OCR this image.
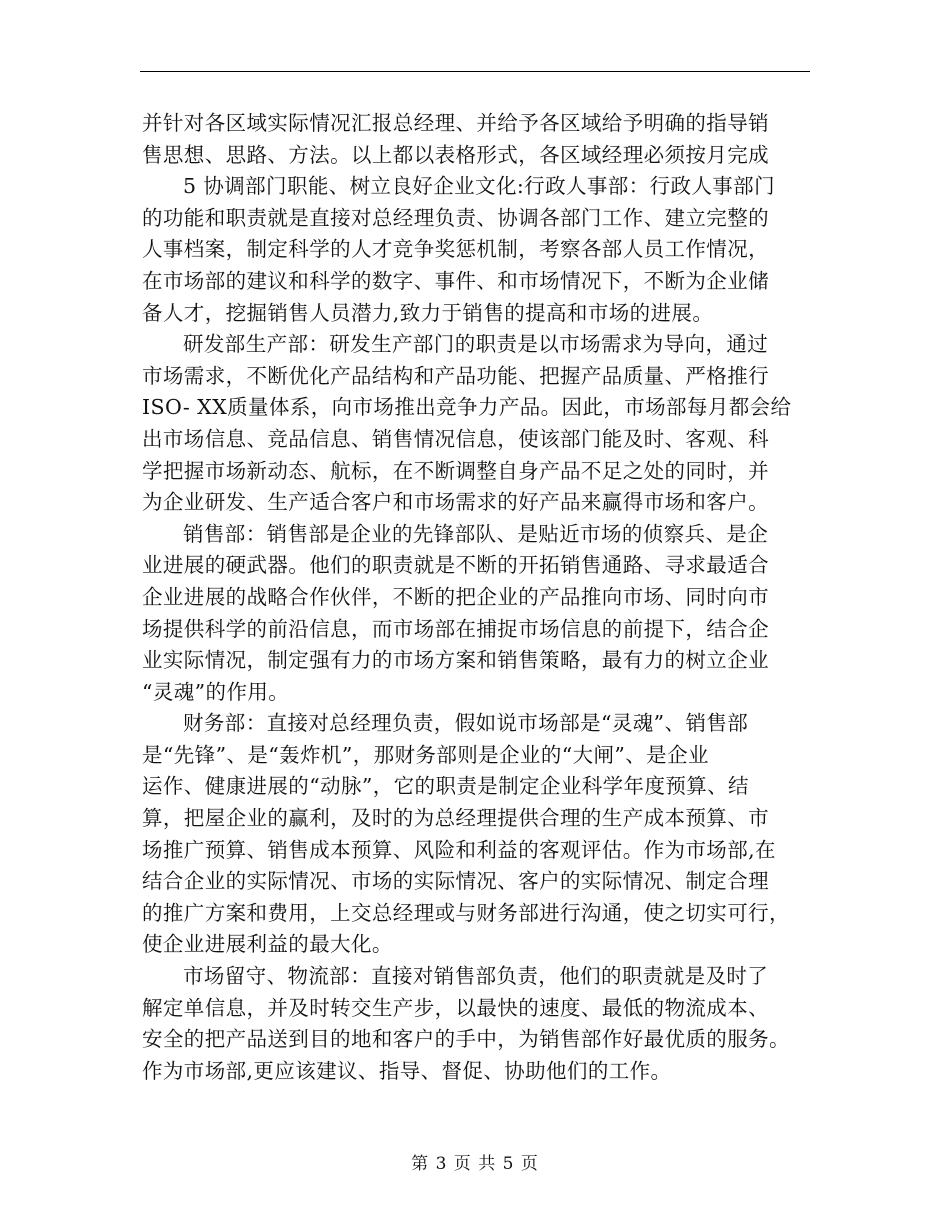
并针对各区域实际情况汇报总经理、并给予各区域给予明确的指导销
售思想、思路、方法。以上都以表格形式，各区域经理必须按月完成

5 协调部门职能、树立良好企业文化:行政人事部：行政人事部门
的功能和职责就是直接对总经理负责、协调各部门工作、建立完整的
人事档案，制定科学的人才竞争奖惩机制，考察各部人员工作情况，
在市场部的建议和科学的数字、事件、和市场情况下，不断为企业储
备人才，挖掘销售人员潜力,致力于销售的提高和市场的进展。

研发部生产部：研发生产部门的职责是以市场需求为导向，通过
市场需求，不断优化产品结构和产品功能、把握产品质量、严格推行
ISO- XX质量体系，向市场推出竞争力产品。因此，市场部每月都会给
出市场信息、竞品信息、销售情况信息，使该部门能及时、客观、科
学把握市场新动态、航标，在不断调整自身产品不足之处的同时，并
为企业研发、生产适合客户和市场需求的好产品来赢得市场和客户。

销售部：销售部是企业的先锋部队、是贴近市场的侦察兵、是企
业进展的硬武器。他们的职责就是不断的开拓销售通路、寻求最适合
企业进展的战略合作伙伴，不断的把企业的产品推向市场、同时向市
场提供科学的前沿信息，而市场部在捕捉市场信息的前提下，结合企
业实际情况，制定强有力的市场方案和销售策略，最有力的树立企业
“灵魂”的作用。

财务部：直接对总经理负责，假如说市场部是“灵魂”、销售部
是“先锋”、是“轰炸机”，那财务部则是企业的“大闸”、是企业
运作、健康进展的“动脉”，它的职责是制定企业科学年度预算、结
算，把屋企业的赢利，及时的为总经理提供合理的生产成本预算、市
场推广预算、销售成本预算、风险和利益的客观评估。作为市场部,在
结合企业的实际情况、市场的实际情况、客户的实际情况、制定合理
的推广方案和费用，上交总经理或与财务部进行沟通，使之切实可行，
使企业进展利益的最大化。

市场留守、物流部：直接对销售部负责，他们的职责就是及时了
解定单信息，并及时转交生产步，以最快的速度、最低的物流成本、
安全的把产品送到目的地和客户的手中，为销售部作好最优质的服务。
作为市场部,更应该建议、指导、督促、协助他们的工作。

第 3 页 共 5 页
